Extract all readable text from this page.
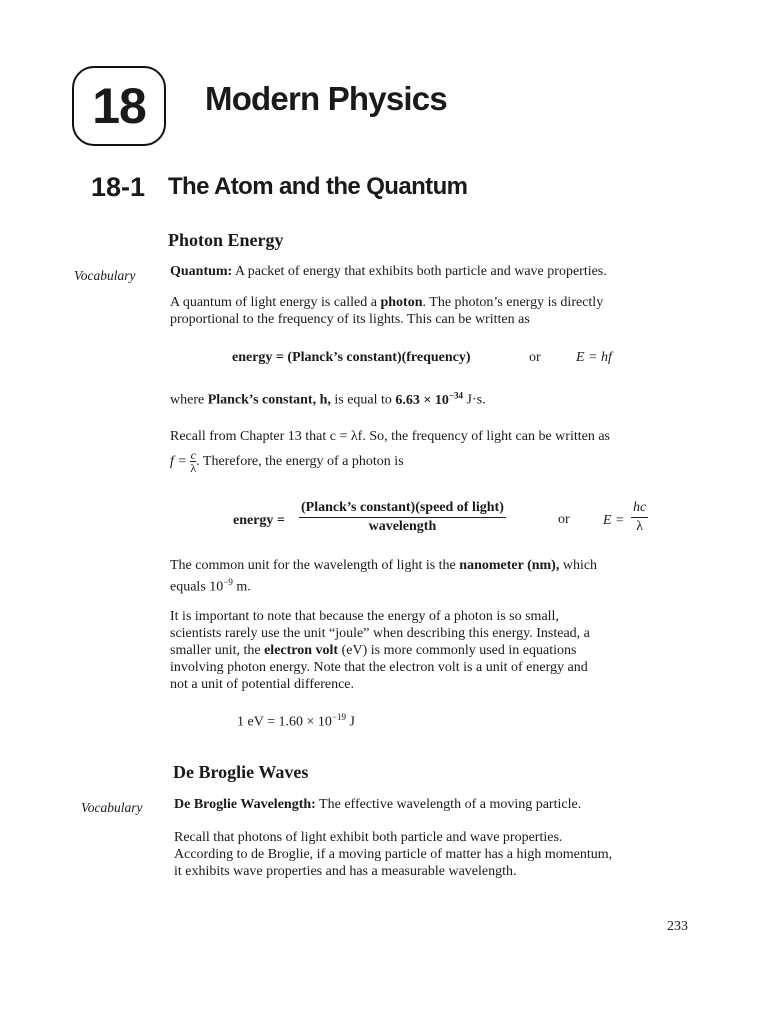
18 Modern Physics
18-1 The Atom and the Quantum
Photon Energy
Vocabulary Quantum: A packet of energy that exhibits both particle and wave properties.
A quantum of light energy is called a photon. The photon’s energy is directly
proportional to the frequency of its lights. This can be written as
energy = (Planck’s constant)(frequency)	or	E = hf
where Planck’s constant, h, is equal to $6.63 \times 10^{-34}$ J·s.
Recall from Chapter 13 that c = λf. So, the frequency of light can be written as
$f = \frac{c}{\lambda}$ . Therefore, the energy of a photon is
energy = $\frac{\text{(Planck’s constant)(speed of light)}}{\text{wavelength}}$	or $E = \frac{hc}{\lambda}$
The common unit for the wavelength of light is the nanometer (nm), which
equals $10^{-9}$ m.
It is important to note that because the energy of a photon is so small,
scientists rarely use the unit “joule” when describing this energy. Instead, a
smaller unit, the electron volt (eV) is more commonly used in equations
involving photon energy. Note that the electron volt is a unit of energy and
not a unit of potential difference.
1 eV = $1.60 \times 10^{-19}$ J
De Broglie Waves
Vocabulary De Broglie Wavelength: The effective wavelength of a moving particle.
Recall that photons of light exhibit both particle and wave properties.
According to de Broglie, if a moving particle of matter has a high momentum,
it exhibits wave properties and has a measurable wavelength.
233
